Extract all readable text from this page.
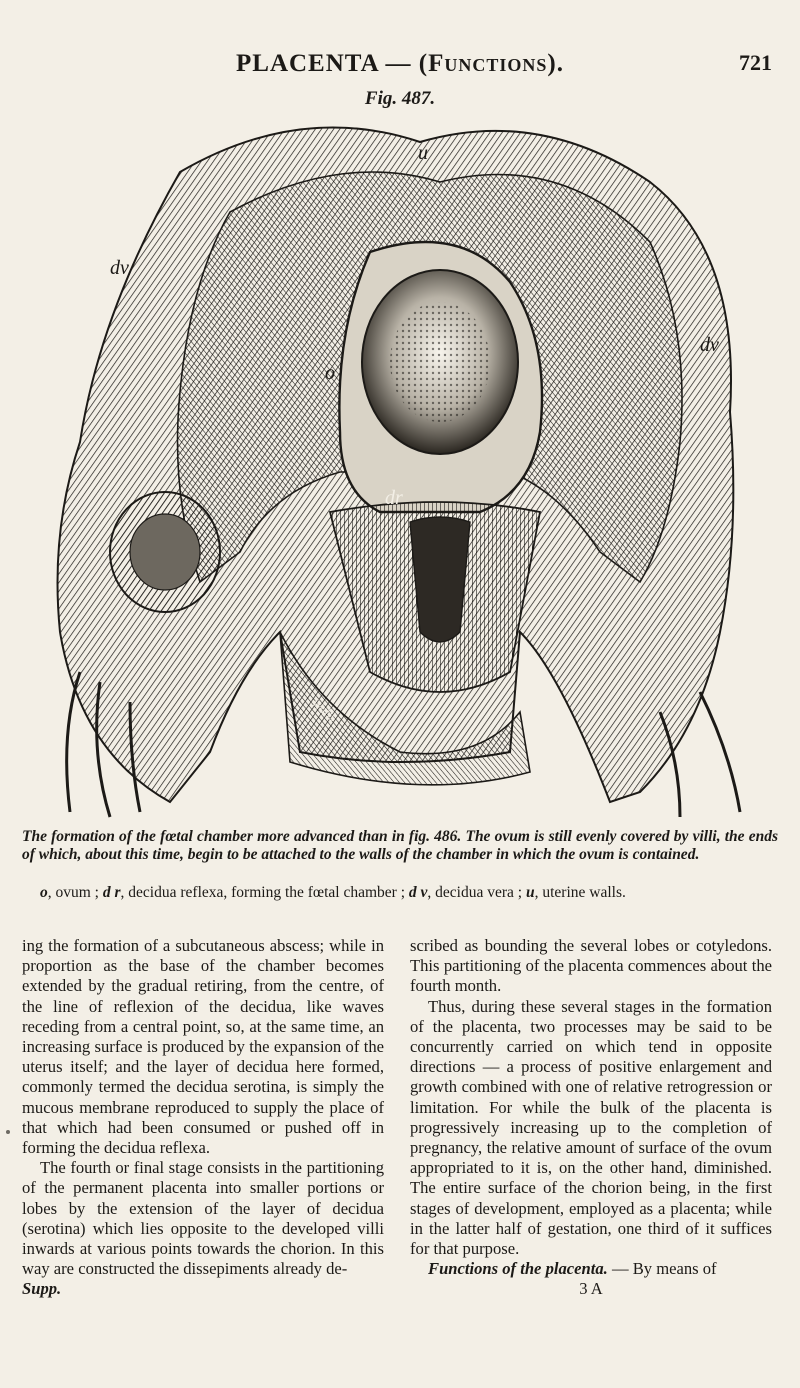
PLACENTA — (Functions).	721
Fig. 487.
u
dv
dv
dr
o
Walls
The formation of the fœtal chamber more advanced than in fig. 486. The ovum is still evenly covered by villi, the ends of which, about this time, begin to be attached to the walls of the chamber in which the ovum is contained.
o, ovum ; d r, decidua reflexa, forming the fœtal chamber ; d v, decidua vera ; u, uterine walls.

ing the formation of a subcutaneous abscess; while in proportion as the base of the chamber becomes extended by the gradual retiring, from the centre, of the line of reflexion of the decidua, like waves receding from a central point, so, at the same time, an increasing surface is produced by the expansion of the uterus itself; and the layer of decidua here formed, commonly termed the decidua serotina, is simply the mucous membrane reproduced to supply the place of that which had been consumed or pushed off in forming the decidua reflexa.

The fourth or final stage consists in the partitioning of the permanent placenta into smaller portions or lobes by the extension of the layer of decidua (serotina) which lies opposite to the developed villi inwards at various points towards the chorion. In this way are constructed the dissepiments already de-

Supp.

scribed as bounding the several lobes or cotyledons. This partitioning of the placenta commences about the fourth month.

Thus, during these several stages in the formation of the placenta, two processes may be said to be concurrently carried on which tend in opposite directions — a process of positive enlargement and growth combined with one of relative retrogression or limitation. For while the bulk of the placenta is progressively increasing up to the completion of pregnancy, the relative amount of surface of the ovum appropriated to it is, on the other hand, diminished. The entire surface of the chorion being, in the first stages of development, employed as a placenta; while in the latter half of gestation, one third of it suffices for that purpose.

Functions of the placenta. — By means of

3 A
